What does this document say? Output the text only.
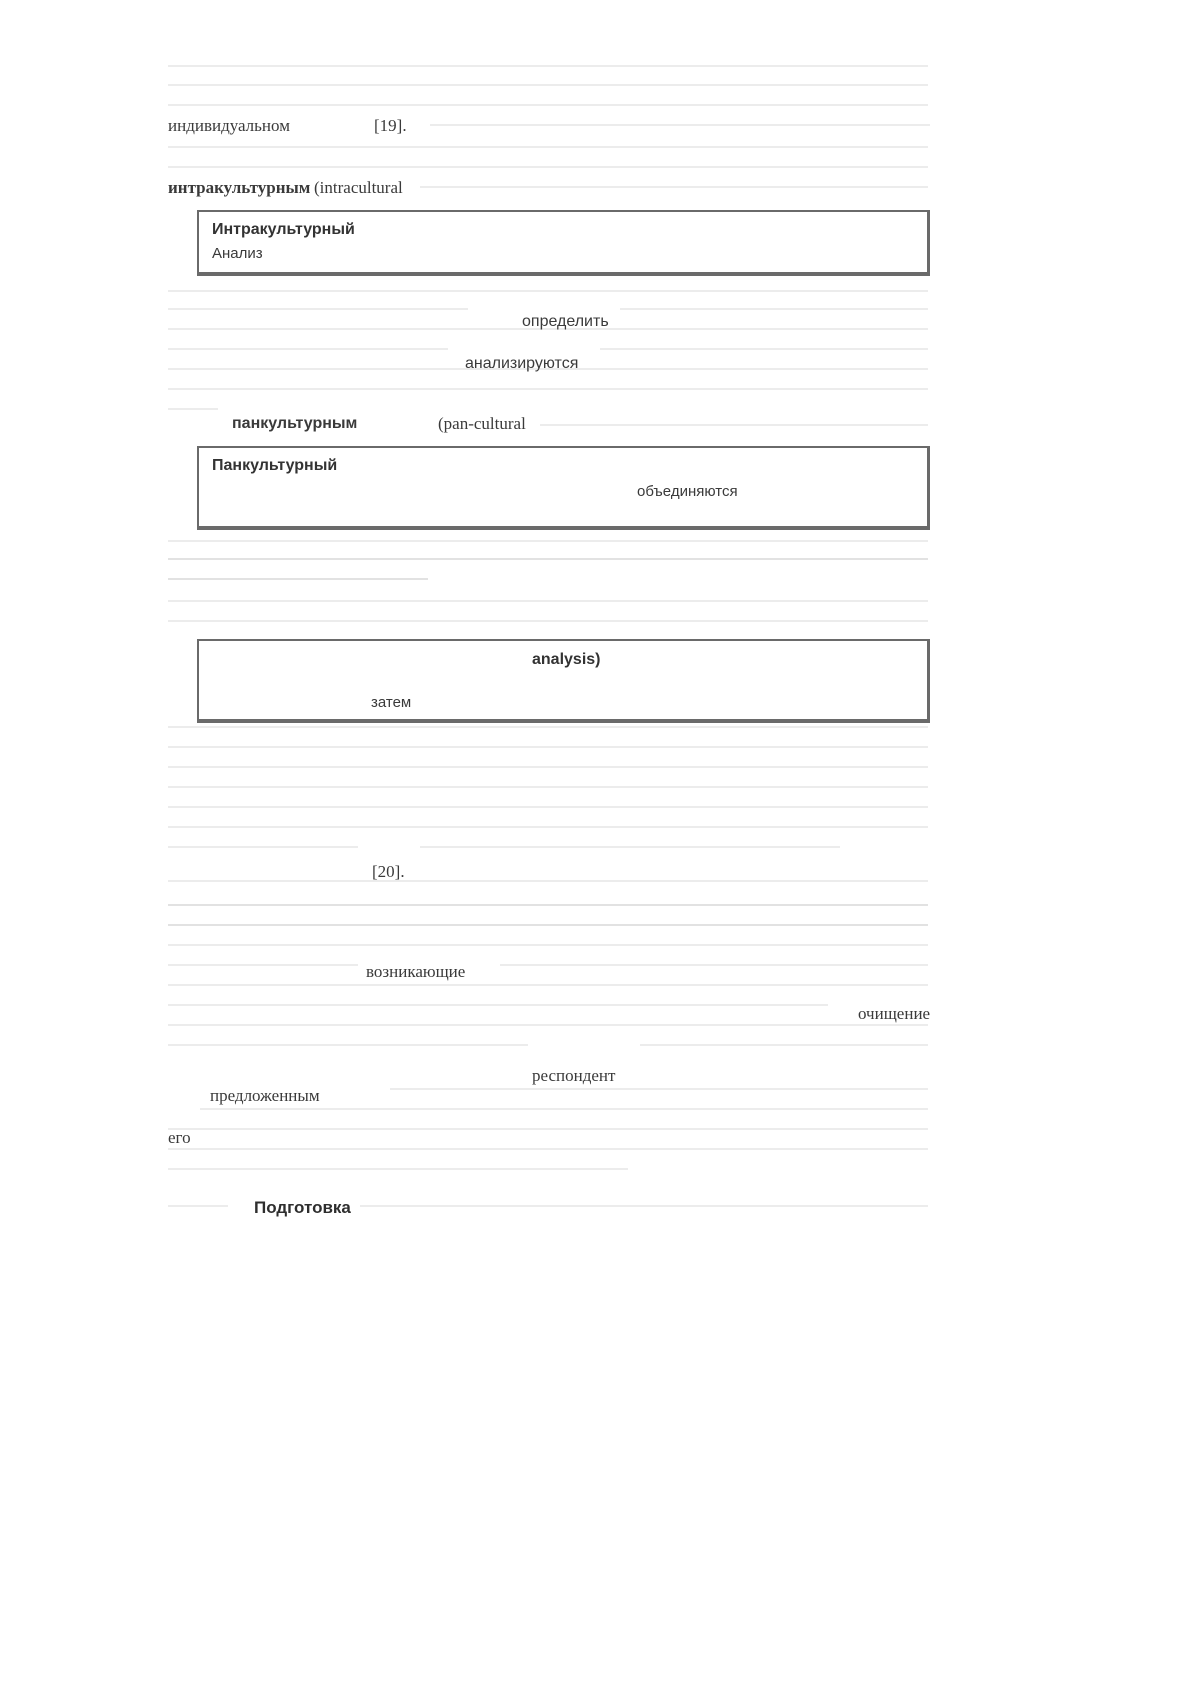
индивидуальном	[19].
интракультурным (intracultural
Интракультурный
Анализ
определить
анализируются
панкультурным	(pan-cultural
Панкультурный
объединяются
analysis)
затем
[20].
возникающие
очищение
респондент
предложенным
его
Подготовка
